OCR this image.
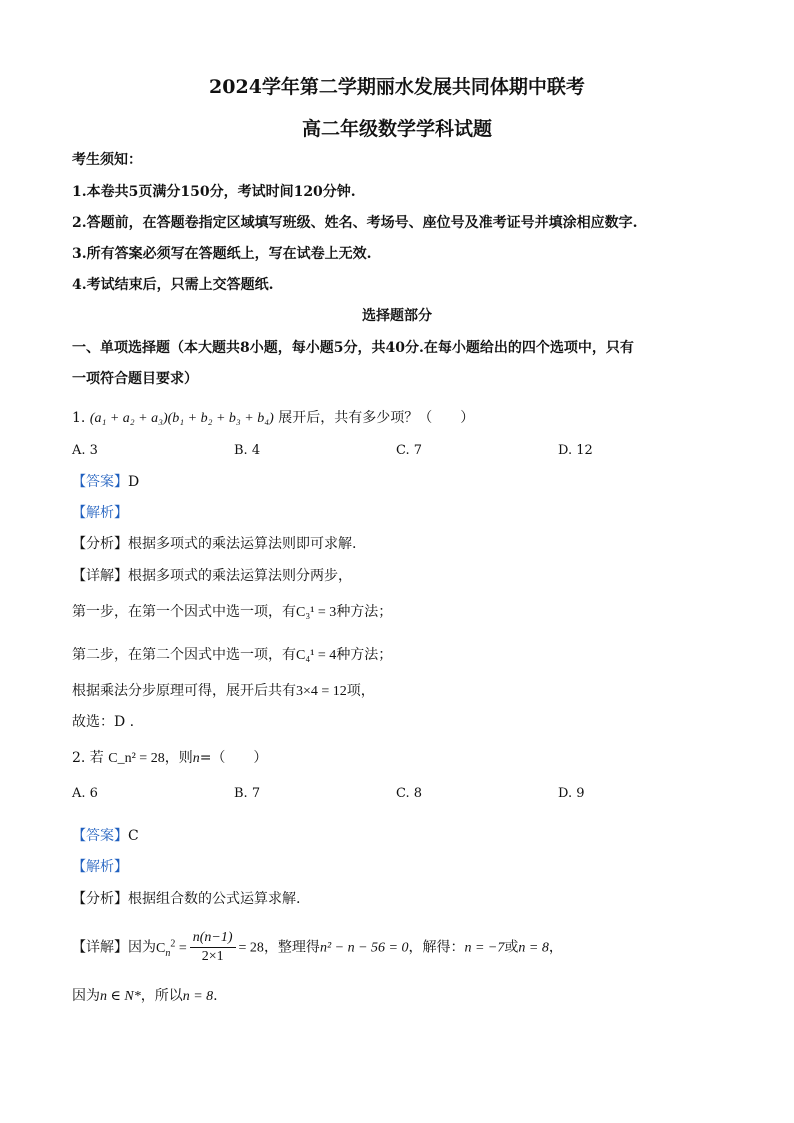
2024学年第二学期丽水发展共同体期中联考
高二年级数学学科试题
考生须知：
1.本卷共5页满分150分，考试时间120分钟.
2.答题前，在答题卷指定区域填写班级、姓名、考场号、座位号及准考证号并填涂相应数字.
3.所有答案必须写在答题纸上，写在试卷上无效.
4.考试结束后，只需上交答题纸.
选择题部分
一、单项选择题（本大题共8小题，每小题5分，共40分.在每小题给出的四个选项中，只有
一项符合题目要求）
1. (a₁ + a₂ + a₃)(b₁ + b₂ + b₃ + b₄) 展开后，共有多少项？（　　）
A. 3	B. 4	C. 7	D. 12
【答案】D
【解析】
【分析】根据多项式的乘法运算法则即可求解.
【详解】根据多项式的乘法运算法则分两步，
第一步，在第一个因式中选一项，有C₃¹ = 3种方法；
第二步，在第二个因式中选一项，有C₄¹ = 4种方法；
根据乘法分步原理可得，展开后共有3×4 = 12项，
故选：D .
2. 若 C_n² = 28，则n=（　　）
A. 6	B. 7	C. 8	D. 9
【答案】C
【解析】
【分析】根据组合数的公式运算求解.
【详解】因为$C_n^2 = \frac{n(n-1)}{2\times 1} = 28$，整理得n² − n − 56 = 0，解得：n = −7或n = 8，
因为n ∈ N*，所以n = 8.
